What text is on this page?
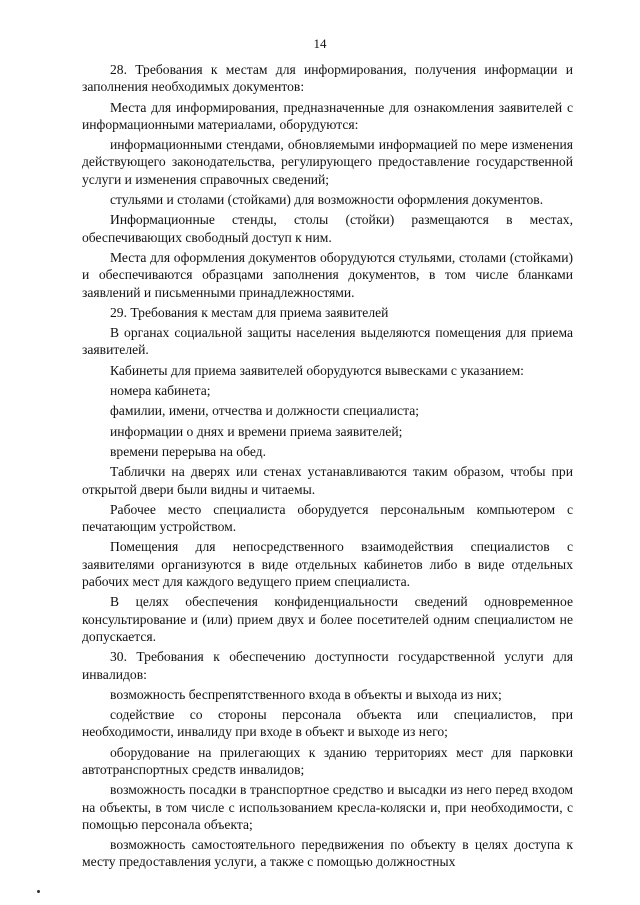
14

28. Требования к местам для информирования, получения информации и заполнения необходимых документов:

Места для информирования, предназначенные для ознакомления заявителей с информационными материалами, оборудуются:

информационными стендами, обновляемыми информацией по мере изменения действующего законодательства, регулирующего предоставление государственной услуги и изменения справочных сведений;

стульями и столами (стойками) для возможности оформления документов.

Информационные стенды, столы (стойки) размещаются в местах, обеспечивающих свободный доступ к ним.

Места для оформления документов оборудуются стульями, столами (стойками) и обеспечиваются образцами заполнения документов, в том числе бланками заявлений и письменными принадлежностями.

29. Требования к местам для приема заявителей

В органах социальной защиты населения выделяются помещения для приема заявителей.

Кабинеты для приема заявителей оборудуются вывесками с указанием:

номера кабинета;

фамилии, имени, отчества и должности специалиста;

информации о днях и времени приема заявителей;

времени перерыва на обед.

Таблички на дверях или стенах устанавливаются таким образом, чтобы при открытой двери были видны и читаемы.

Рабочее место специалиста оборудуется персональным компьютером с печатающим устройством.

Помещения для непосредственного взаимодействия специалистов с заявителями организуются в виде отдельных кабинетов либо в виде отдельных рабочих мест для каждого ведущего прием специалиста.

В целях обеспечения конфиденциальности сведений одновременное консультирование и (или) прием двух и более посетителей одним специалистом не допускается.

30. Требования к обеспечению доступности государственной услуги для инвалидов:

возможность беспрепятственного входа в объекты и выхода из них;

содействие со стороны персонала объекта или специалистов, при необходимости, инвалиду при входе в объект и выходе из него;

оборудование на прилегающих к зданию территориях мест для парковки автотранспортных средств инвалидов;

возможность посадки в транспортное средство и высадки из него перед входом на объекты, в том числе с использованием кресла-коляски и, при необходимости, с помощью персонала объекта;

возможность самостоятельного передвижения по объекту в целях доступа к месту предоставления услуги, а также с помощью должностных
